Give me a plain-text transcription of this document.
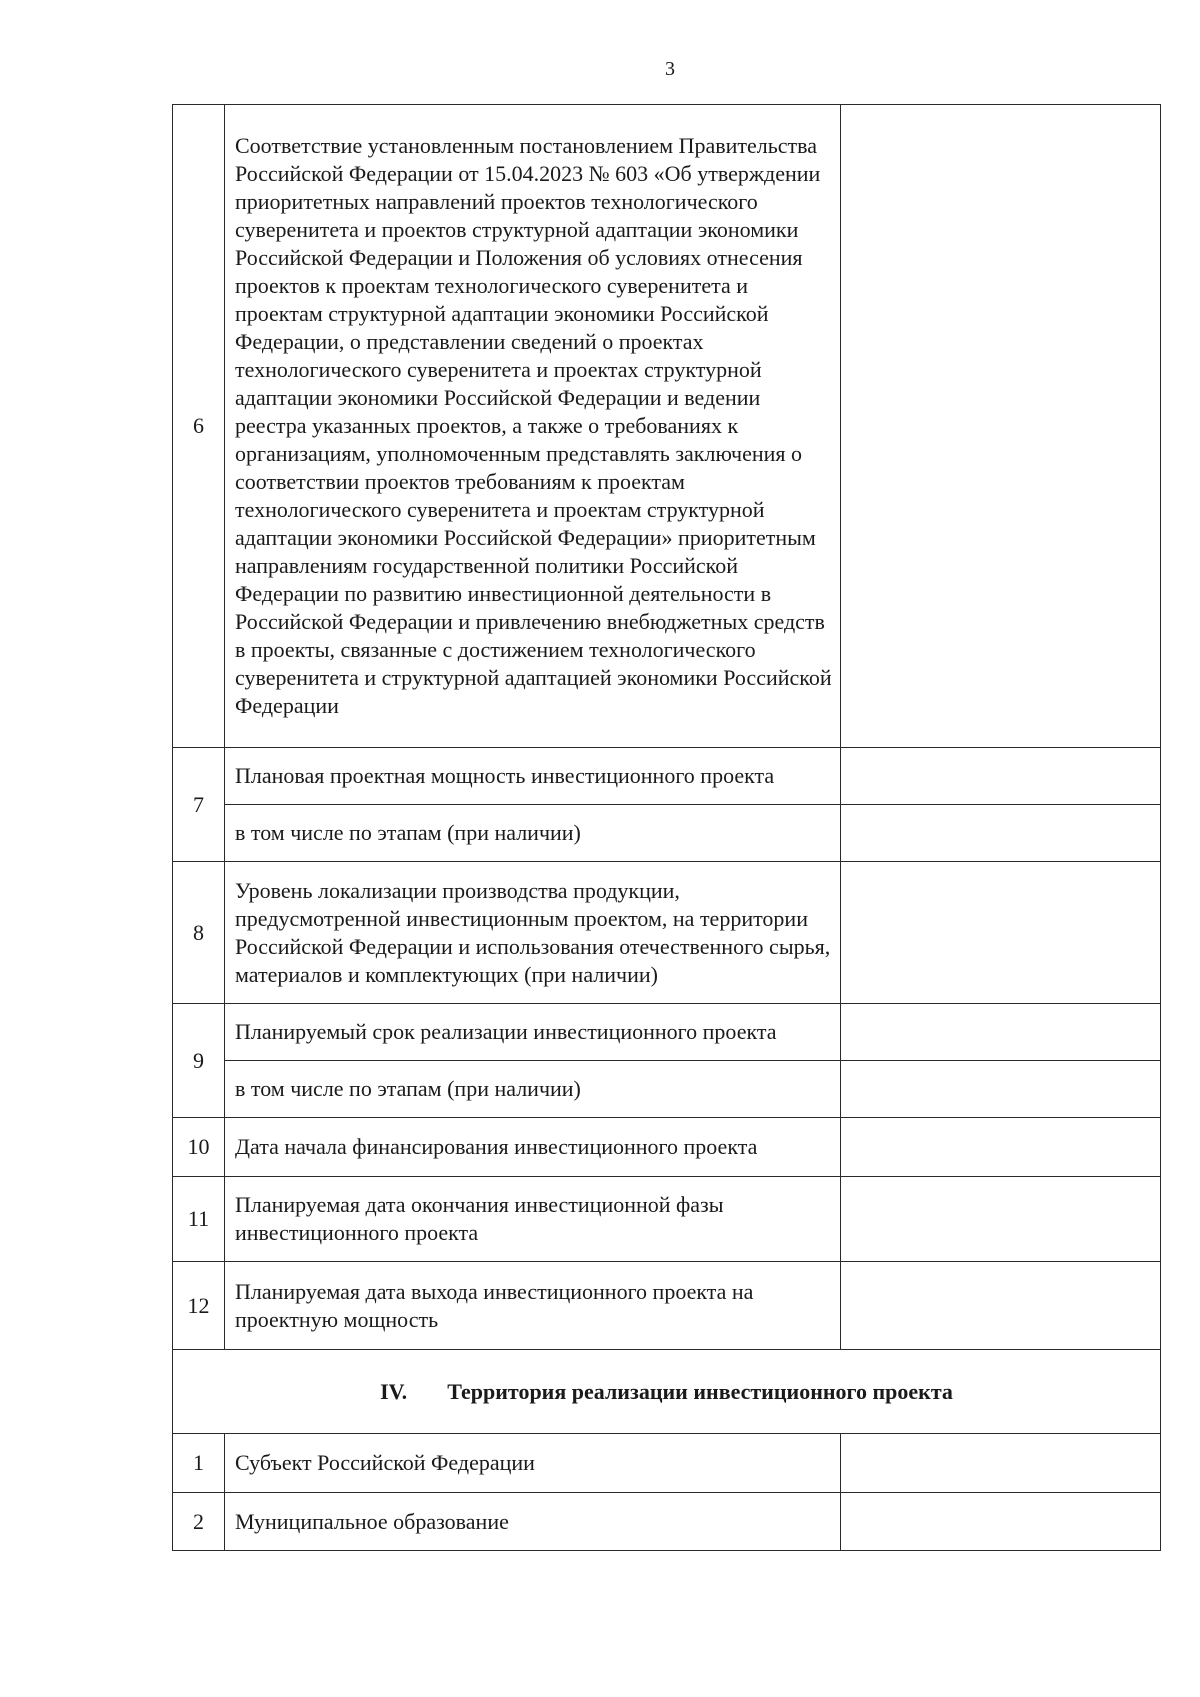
3
6	Соответствие установленным постановлением Правительства Российской Федерации от 15.04.2023 № 603 «Об утверждении приоритетных направлений проектов технологического суверенитета и проектов структурной адаптации экономики Российской Федерации и Положения об условиях отнесения проектов к проектам технологического суверенитета и проектам структурной адаптации экономики Российской Федерации, о представлении сведений о проектах технологического суверенитета и проектах структурной адаптации экономики Российской Федерации и ведении реестра указанных проектов, а также о требованиях к организациям, уполномоченным представлять заключения о соответствии проектов требованиям к проектам технологического суверенитета и проектам структурной адаптации экономики Российской Федерации» приоритетным направлениям государственной политики Российской Федерации по развитию инвестиционной деятельности в Российской Федерации и привлечению внебюджетных средств в проекты, связанные с достижением технологического суверенитета и структурной адаптацией экономики Российской Федерации	
7	Плановая проектная мощность инвестиционного проекта	
	в том числе по этапам (при наличии)	
8	Уровень локализации производства продукции, предусмотренной инвестиционным проектом, на территории Российской Федерации и использования отечественного сырья, материалов и комплектующих (при наличии)	
9	Планируемый срок реализации инвестиционного проекта	
	в том числе по этапам (при наличии)	
10	Дата начала финансирования инвестиционного проекта	
11	Планируемая дата окончания инвестиционной фазы инвестиционного проекта	
12	Планируемая дата выхода инвестиционного проекта на проектную мощность	
IV. Территория реализации инвестиционного проекта		
1	Субъект Российской Федерации	
2	Муниципальное образование	
